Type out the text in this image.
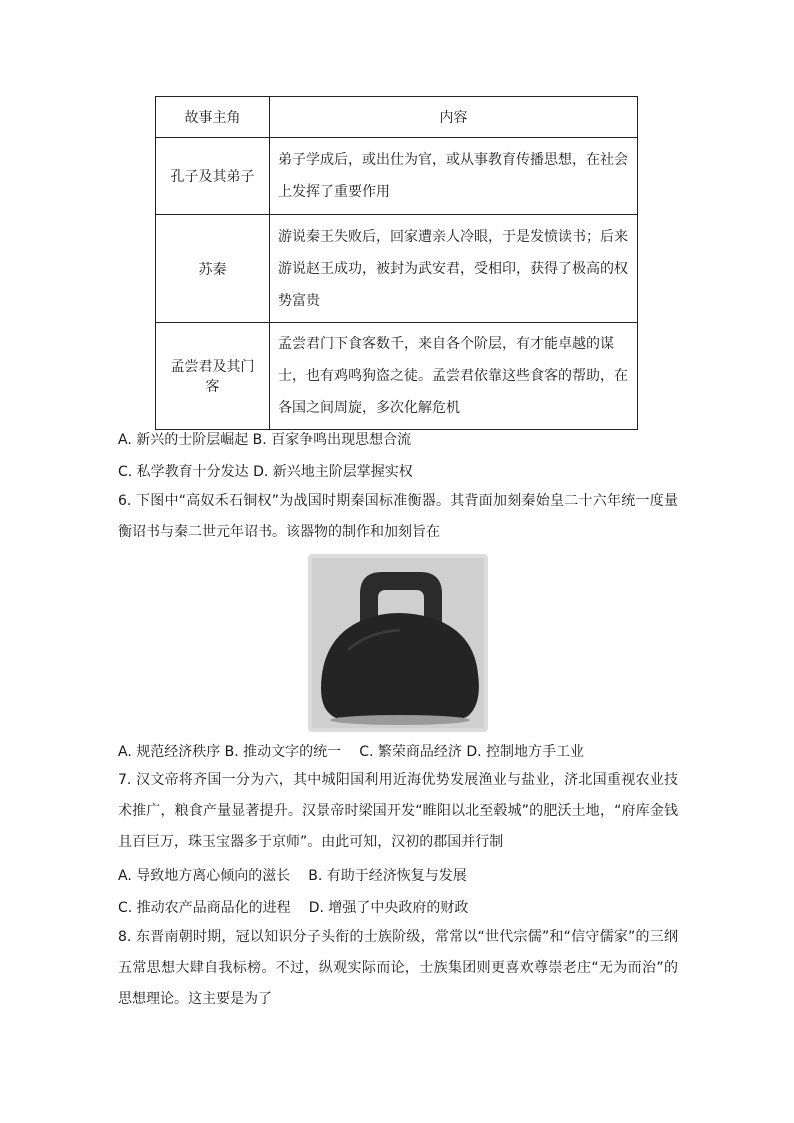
故事主角	内容
孔子及其弟子	弟子学成后，或出仕为官，或从事教育传播思想，在社会上发挥了重要作用
苏秦	游说秦王失败后，回家遭亲人冷眼，于是发愤读书；后来游说赵王成功，被封为武安君，受相印，获得了极高的权势富贵
孟尝君及其门客	孟尝君门下食客数千，来自各个阶层，有才能卓越的谋士，也有鸡鸣狗盗之徒。孟尝君依靠这些食客的帮助，在各国之间周旋，多次化解危机
A. 新兴的士阶层崛起 B. 百家争鸣出现思想合流
C. 私学教育十分发达 D. 新兴地主阶层掌握实权
6. 下图中“高奴禾石铜权”为战国时期秦国标准衡器。其背面加刻秦始皇二十六年统一度量衡诏书与秦二世元年诏书。该器物的制作和加刻旨在
A. 规范经济秩序 B. 推动文字的统一 C. 繁荣商品经济 D. 控制地方手工业
7. 汉文帝将齐国一分为六，其中城阳国利用近海优势发展渔业与盐业，济北国重视农业技术推广，粮食产量显著提升。汉景帝时梁国开发“睢阳以北至毂城”的肥沃土地，“府库金钱且百巨万，珠玉宝器多于京师”。由此可知，汉初的郡国并行制
A. 导致地方离心倾向的滋长 B. 有助于经济恢复与发展
C. 推动农产品商品化的进程 D. 增强了中央政府的财政
8. 东晋南朝时期，冠以知识分子头衔的士族阶级，常常以“世代宗儒”和“信守儒家”的三纲五常思想大肆自我标榜。不过，纵观实际而论，士族集团则更喜欢尊崇老庄“无为而治”的思想理论。这主要是为了
